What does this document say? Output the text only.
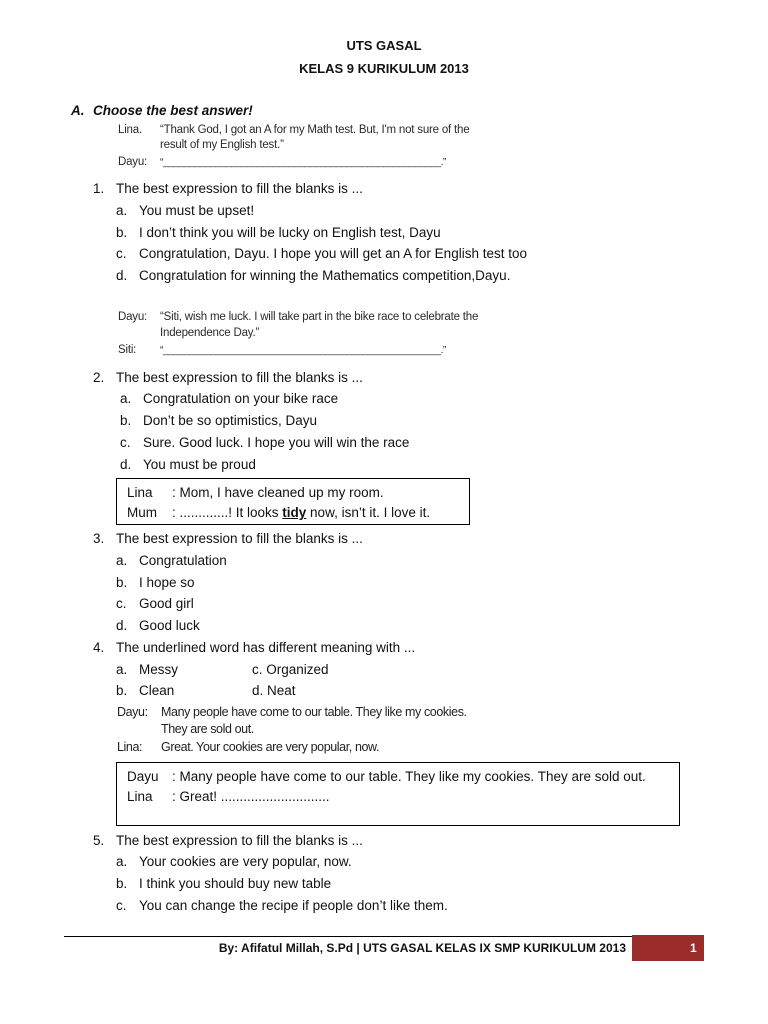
UTS GASAL
KELAS 9 KURIKULUM 2013
A. Choose the best answer!
Lina. “Thank God, I got an A for my Math test. But, I'm not sure of the
result of my English test.”
Dayu: “_____________________________________________________.”
1. The best expression to fill the blanks is ...
a. You must be upset!
b. I don’t think you will be lucky on English test, Dayu
c. Congratulation, Dayu. I hope you will get an A for English test too
d. Congratulation for winning the Mathematics competition,Dayu.
Dayu: “Siti, wish me luck. I will take part in the bike race to celebrate the
Independence Day.”
Siti: “_____________________________________________________.”
2. The best expression to fill the blanks is ...
a. Congratulation on your bike race
b. Don’t be so optimistics, Dayu
c. Sure. Good luck. I hope you will win the race
d. You must be proud
Lina : Mom, I have cleaned up my room.
Mum : .............! It looks tidy now, isn’t it. I love it.
3. The best expression to fill the blanks is ...
a. Congratulation
b. I hope so
c. Good girl
d. Good luck
4. The underlined word has different meaning with ...
a. Messy	c. Organized
b. Clean	d. Neat
Dayu: Many people have come to our table. They like my cookies.
They are sold out.
Lina: Great. Your cookies are very popular, now.
Dayu : Many people have come to our table. They like my cookies. They are sold out.
Lina : Great! .............................
5. The best expression to fill the blanks is ...
a. Your cookies are very popular, now.
b. I think you should buy new table
c. You can change the recipe if people don’t like them.
By: Afifatul Millah, S.Pd | UTS GASAL KELAS IX SMP KURIKULUM 2013	1
